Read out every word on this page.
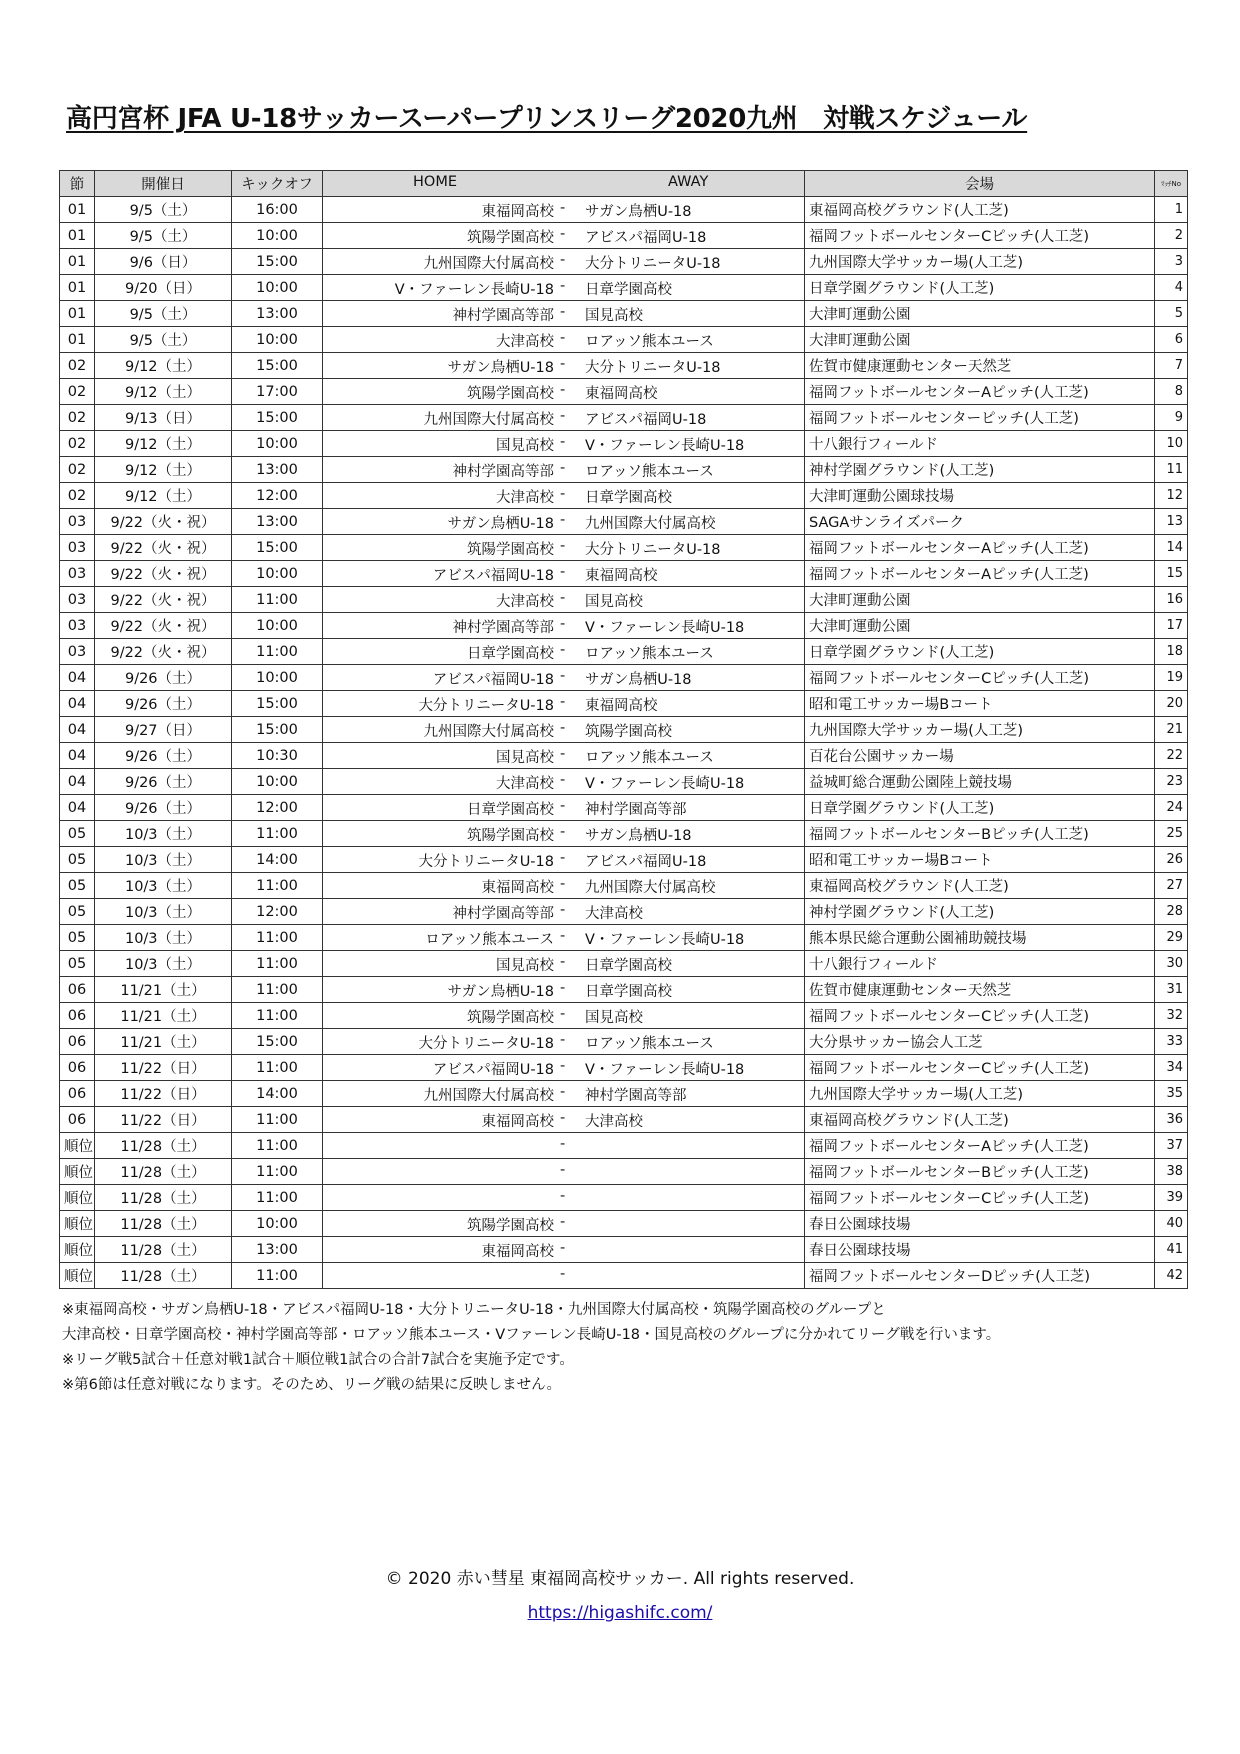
高円宮杯 JFA U-18サッカースーパープリンスリーグ2020九州　対戦スケジュール
節	開催日	キックオフ	HOME AWAY	会場	ﾏｯﾁNo
01	9/5（土）	16:00	東福岡高校 - サガン鳥栖U-18	東福岡高校グラウンド(人工芝)	1
01	9/5（土）	10:00	筑陽学園高校 - アビスパ福岡U-18	福岡フットボールセンターCピッチ(人工芝)	2
01	9/6（日）	15:00	九州国際大付属高校 - 大分トリニータU-18	九州国際大学サッカー場(人工芝)	3
01	9/20（日）	10:00	V・ファーレン長崎U-18 - 日章学園高校	日章学園グラウンド(人工芝)	4
01	9/5（土）	13:00	神村学園高等部 - 国見高校	大津町運動公園	5
01	9/5（土）	10:00	大津高校 - ロアッソ熊本ユース	大津町運動公園	6
02	9/12（土）	15:00	サガン鳥栖U-18 - 大分トリニータU-18	佐賀市健康運動センター天然芝	7
02	9/12（土）	17:00	筑陽学園高校 - 東福岡高校	福岡フットボールセンターAピッチ(人工芝)	8
02	9/13（日）	15:00	九州国際大付属高校 - アビスパ福岡U-18	福岡フットボールセンターピッチ(人工芝)	9
02	9/12（土）	10:00	国見高校 - V・ファーレン長崎U-18	十八銀行フィールド	10
02	9/12（土）	13:00	神村学園高等部 - ロアッソ熊本ユース	神村学園グラウンド(人工芝)	11
02	9/12（土）	12:00	大津高校 - 日章学園高校	大津町運動公園球技場	12
03	9/22（火・祝）	13:00	サガン鳥栖U-18 - 九州国際大付属高校	SAGAサンライズパーク	13
03	9/22（火・祝）	15:00	筑陽学園高校 - 大分トリニータU-18	福岡フットボールセンターAピッチ(人工芝)	14
03	9/22（火・祝）	10:00	アビスパ福岡U-18 - 東福岡高校	福岡フットボールセンターAピッチ(人工芝)	15
03	9/22（火・祝）	11:00	大津高校 - 国見高校	大津町運動公園	16
03	9/22（火・祝）	10:00	神村学園高等部 - V・ファーレン長崎U-18	大津町運動公園	17
03	9/22（火・祝）	11:00	日章学園高校 - ロアッソ熊本ユース	日章学園グラウンド(人工芝)	18
04	9/26（土）	10:00	アビスパ福岡U-18 - サガン鳥栖U-18	福岡フットボールセンターCピッチ(人工芝)	19
04	9/26（土）	15:00	大分トリニータU-18 - 東福岡高校	昭和電工サッカー場Bコート	20
04	9/27（日）	15:00	九州国際大付属高校 - 筑陽学園高校	九州国際大学サッカー場(人工芝)	21
04	9/26（土）	10:30	国見高校 - ロアッソ熊本ユース	百花台公園サッカー場	22
04	9/26（土）	10:00	大津高校 - V・ファーレン長崎U-18	益城町総合運動公園陸上競技場	23
04	9/26（土）	12:00	日章学園高校 - 神村学園高等部	日章学園グラウンド(人工芝)	24
05	10/3（土）	11:00	筑陽学園高校 - サガン鳥栖U-18	福岡フットボールセンターBピッチ(人工芝)	25
05	10/3（土）	14:00	大分トリニータU-18 - アビスパ福岡U-18	昭和電工サッカー場Bコート	26
05	10/3（土）	11:00	東福岡高校 - 九州国際大付属高校	東福岡高校グラウンド(人工芝)	27
05	10/3（土）	12:00	神村学園高等部 - 大津高校	神村学園グラウンド(人工芝)	28
05	10/3（土）	11:00	ロアッソ熊本ユース - V・ファーレン長崎U-18	熊本県民総合運動公園補助競技場	29
05	10/3（土）	11:00	国見高校 - 日章学園高校	十八銀行フィールド	30
06	11/21（土）	11:00	サガン鳥栖U-18 - 日章学園高校	佐賀市健康運動センター天然芝	31
06	11/21（土）	11:00	筑陽学園高校 - 国見高校	福岡フットボールセンターCピッチ(人工芝)	32
06	11/21（土）	15:00	大分トリニータU-18 - ロアッソ熊本ユース	大分県サッカー協会人工芝	33
06	11/22（日）	11:00	アビスパ福岡U-18 - V・ファーレン長崎U-18	福岡フットボールセンターCピッチ(人工芝)	34
06	11/22（日）	14:00	九州国際大付属高校 - 神村学園高等部	九州国際大学サッカー場(人工芝)	35
06	11/22（日）	11:00	東福岡高校 - 大津高校	東福岡高校グラウンド(人工芝)	36
順位	11/28（土）	11:00	-	福岡フットボールセンターAピッチ(人工芝)	37
順位	11/28（土）	11:00	-	福岡フットボールセンターBピッチ(人工芝)	38
順位	11/28（土）	11:00	-	福岡フットボールセンターCピッチ(人工芝)	39
順位	11/28（土）	10:00	筑陽学園高校 -	春日公園球技場	40
順位	11/28（土）	13:00	東福岡高校 -	春日公園球技場	41
順位	11/28（土）	11:00	-	福岡フットボールセンターDピッチ(人工芝)	42

※東福岡高校・サガン鳥栖U-18・アビスパ福岡U-18・大分トリニータU-18・九州国際大付属高校・筑陽学園高校のグループと

大津高校・日章学園高校・神村学園高等部・ロアッソ熊本ユース・Vファーレン長崎U-18・国見高校のグループに分かれてリーグ戦を行います。

※リーグ戦5試合＋任意対戦1試合＋順位戦1試合の合計7試合を実施予定です。

※第6節は任意対戦になります。そのため、リーグ戦の結果に反映しません。

© 2020 赤い彗星 東福岡高校サッカー. All rights reserved.

https://higashifc.com/
